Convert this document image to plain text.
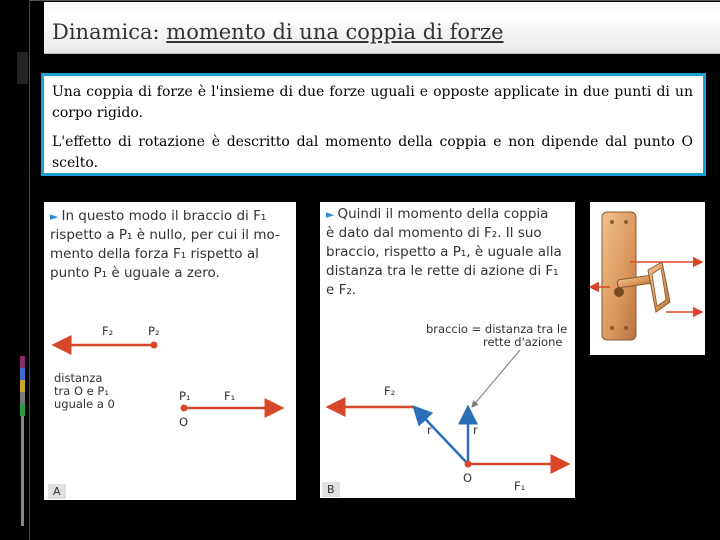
Dinamica: momento di una coppia di forze
Una coppia di forze è l'insieme di due forze uguali e opposte applicate in due punti di un corpo rigido.
L'effetto di rotazione è descritto dal momento della coppia e non dipende dal punto O scelto.
► In questo modo il braccio di F₁
rispetto a P₁ è nullo, per cui il mo-
mento della forza F₁ rispetto al
punto P₁ è uguale a zero.
F₂	P₂
distanza
tra O e P₁
uguale a 0
P₁	F₁
O
A
► Quindi il momento della coppia
è dato dal momento di F₂. Il suo
braccio, rispetto a P₁, è uguale alla
distanza tra le rette di azione di F₁
e F₂.
braccio = distanza tra le
rette d'azione
F₂
r	r
O
F₁
B
